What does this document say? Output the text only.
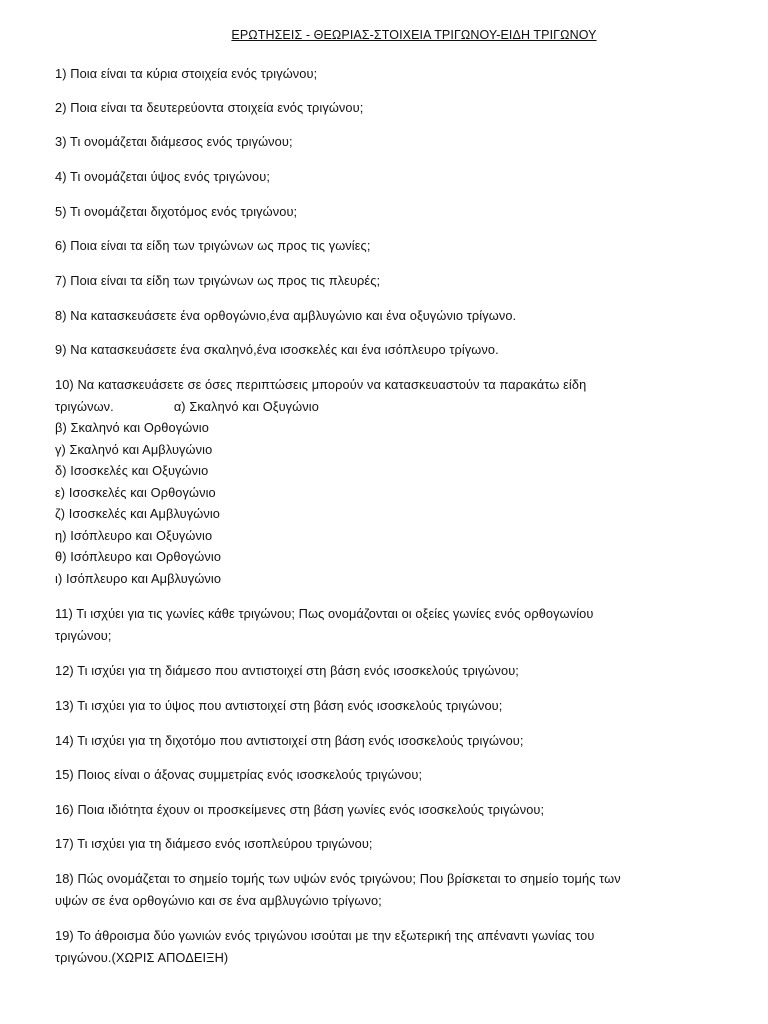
ΕΡΩΤΗΣΕΙΣ - ΘΕΩΡΙΑΣ-ΣΤΟΙΧΕΙΑ ΤΡΙΓΩΝΟΥ-ΕΙΔΗ ΤΡΙΓΩΝΟΥ
1) Ποια είναι τα κύρια στοιχεία ενός τριγώνου;
2) Ποια είναι τα δευτερεύοντα στοιχεία ενός τριγώνου;
3) Τι ονομάζεται διάμεσος ενός τριγώνου;
4) Τι ονομάζεται ύψος ενός τριγώνου;
5) Τι ονομάζεται διχοτόμος ενός τριγώνου;
6) Ποια είναι τα είδη των τριγώνων ως προς τις γωνίες;
7) Ποια είναι τα είδη των τριγώνων ως προς τις πλευρές;
8) Να κατασκευάσετε ένα ορθογώνιο,ένα αμβλυγώνιο και ένα οξυγώνιο τρίγωνο.
9) Να κατασκευάσετε ένα σκαληνό,ένα ισοσκελές και ένα ισόπλευρο τρίγωνο.
10) Να κατασκευάσετε σε όσες περιπτώσεις μπορούν να κατασκευαστούν τα παρακάτω είδη
τριγώνων.	α) Σκαληνό και Οξυγώνιο
β) Σκαληνό και Ορθογώνιο
γ) Σκαληνό και Αμβλυγώνιο
δ) Ισοσκελές και Οξυγώνιο
ε) Ισοσκελές και Ορθογώνιο
ζ) Ισοσκελές και Αμβλυγώνιο
η) Ισόπλευρο και Οξυγώνιο
θ) Ισόπλευρο και Ορθογώνιο
ι) Ισόπλευρο και Αμβλυγώνιο
11) Τι ισχύει για τις γωνίες κάθε τριγώνου; Πως ονομάζονται οι οξείες γωνίες ενός ορθογωνίου
τριγώνου;
12) Τι ισχύει για τη διάμεσο που αντιστοιχεί στη βάση ενός ισοσκελούς τριγώνου;
13) Τι ισχύει για το ύψος που αντιστοιχεί στη βάση ενός ισοσκελούς τριγώνου;
14) Τι ισχύει για τη διχοτόμο που αντιστοιχεί στη βάση ενός ισοσκελούς τριγώνου;
15) Ποιος είναι ο άξονας συμμετρίας ενός ισοσκελούς τριγώνου;
16) Ποια ιδιότητα έχουν οι προσκείμενες στη βάση γωνίες ενός ισοσκελούς τριγώνου;
17) Τι ισχύει για τη διάμεσο ενός ισοπλεύρου τριγώνου;
18) Πώς ονομάζεται το σημείο τομής των υψών ενός τριγώνου; Που βρίσκεται το σημείο τομής των
υψών σε ένα ορθογώνιο και σε ένα αμβλυγώνιο τρίγωνο;
19) Το άθροισμα δύο γωνιών ενός τριγώνου ισούται με την εξωτερική της απέναντι γωνίας του
τριγώνου.(ΧΩΡΙΣ ΑΠΟΔΕΙΞΗ)
